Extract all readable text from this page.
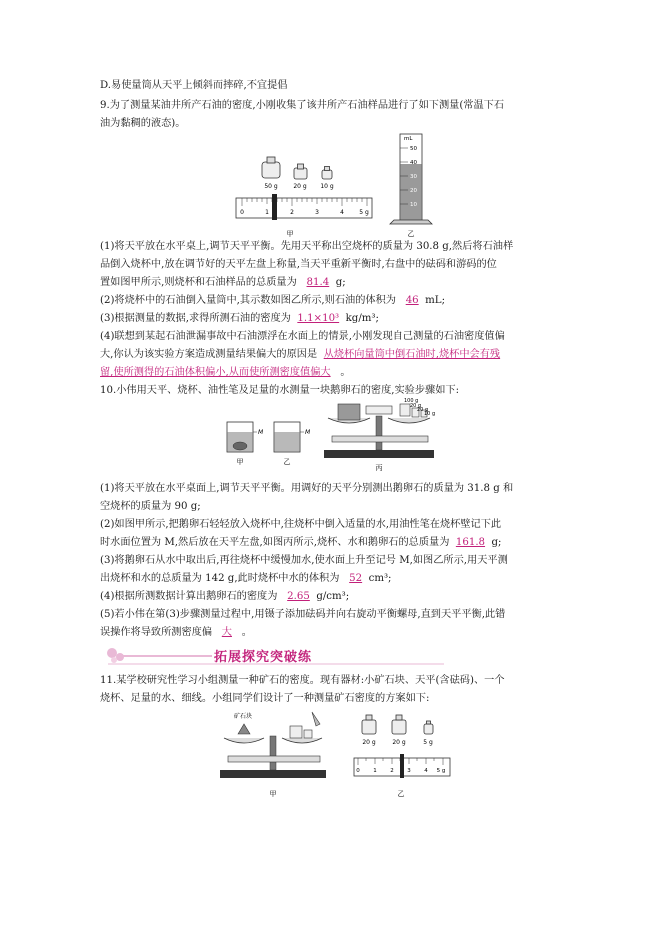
D.易使量筒从天平上倾斜而摔碎,不宜提倡
9.为了测量某油井所产石油的密度,小刚收集了该井所产石油样品进行了如下测量(常温下石
油为黏稠的液态)。
50 g	20 g 10 g
0	1	2	3	4	5 g
甲
mL
50
40
30
20
10
乙
(1)将天平放在水平桌上,调节天平平衡。先用天平称出空烧杯的质量为 30.8 g,然后将石油样
品倒入烧杯中,放在调节好的天平左盘上称量,当天平重新平衡时,右盘中的砝码和游码的位
置如图甲所示,则烧杯和石油样品的总质量为 81.4 g;
(2)将烧杯中的石油倒入量筒中,其示数如图乙所示,则石油的体积为 46 mL;
(3)根据测量的数据,求得所测石油的密度为 1.1×10³ kg/m³;
(4)联想到某起石油泄漏事故中石油漂浮在水面上的情景,小刚发现自己测量的石油密度值偏
大,你认为该实验方案造成测量结果偏大的原因是 从烧杯向量筒中倒石油时,烧杯中会有残
留,使所测得的石油体积偏小,从而使所测密度值偏大 。
10.小伟用天平、烧杯、油性笔及足量的水测量一块鹅卵石的密度,实验步骤如下:
M
甲
M
乙
100 g
20 g
20 g
10 g
丙
(1)将天平放在水平桌面上,调节天平平衡。用调好的天平分别测出鹅卵石的质量为 31.8 g 和
空烧杯的质量为 90 g;
(2)如图甲所示,把鹅卵石轻轻放入烧杯中,往烧杯中倒入适量的水,用油性笔在烧杯壁记下此
时水面位置为 M,然后放在天平左盘,如图丙所示,烧杯、水和鹅卵石的总质量为 161.8 g;
(3)将鹅卵石从水中取出后,再往烧杯中缓慢加水,使水面上升至记号 M,如图乙所示,用天平测
出烧杯和水的总质量为 142 g,此时烧杯中水的体积为 52 cm³;
(4)根据所测数据计算出鹅卵石的密度为 2.65 g/cm³;
(5)若小伟在第(3)步骤测量过程中,用镊子添加砝码并向右旋动平衡螺母,直到天平平衡,此错
误操作将导致所测密度偏 大 。
拓展探究突破练
11.某学校研究性学习小组测量一种矿石的密度。现有器材:小矿石块、天平(含砝码)、一个
烧杯、足量的水、细线。小组同学们设计了一种测量矿石密度的方案如下:
矿石块
甲
20 g	20 g	5 g
0 1 2 3 4 5 g
乙
